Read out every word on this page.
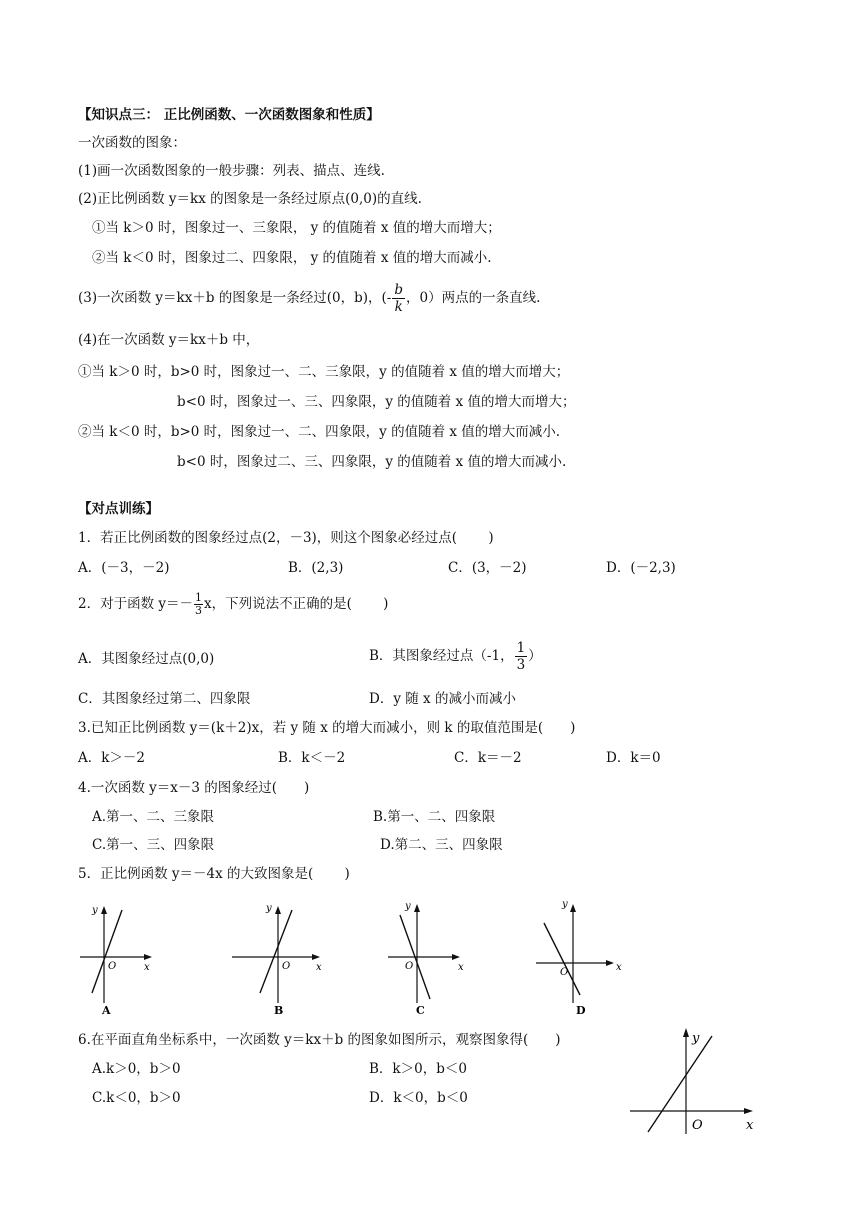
【知识点三： 正比例函数、一次函数图象和性质】
一次函数的图象：
(1)画一次函数图象的一般步骤：列表、描点、连线.
(2)正比例函数 y＝kx 的图象是一条经过原点(0,0)的直线.
①当 k＞0 时，图象过一、三象限， y 的值随着 x 值的增大而增大；
②当 k＜0 时，图象过二、四象限， y 的值随着 x 值的增大而减小.
(3)一次函数 y＝kx＋b 的图象是一条经过(0，b)，(- $\frac{b}{k}$ ，0）两点的一条直线.
(4)在一次函数 y＝kx＋b 中，
①当 k＞0 时，b>0 时，图象过一、二、三象限，y 的值随着 x 值的增大而增大；
b<0 时，图象过一、三、四象限，y 的值随着 x 值的增大而增大；
②当 k＜0 时，b>0 时，图象过一、二、四象限，y 的值随着 x 值的增大而减小.
b<0 时，图象过二、三、四象限，y 的值随着 x 值的增大而减小.
【对点训练】
1．若正比例函数的图象经过点(2，－3)，则这个图象必经过点(　　 )
A．(－3，－2)	B．(2,3)	C．(3，－2)	D．(－2,3)
2．对于函数 $y=- \frac{1}{3}$ x，下列说法不正确的是(　　 )
A．其图象经过点(0,0)	B．其图象经过点（-1， $\frac{1}{3}$ ）
C．其图象经过第二、四象限	D．y 随 x 的减小而减小
3.已知正比例函数 y＝(k＋2)x，若 y 随 x 的增大而减小，则 k 的取值范围是(　　)
A．k＞－2	B．k＜－2	C．k＝－2	D．k＝0
4.一次函数 y＝x－3 的图象经过(　　)
A.第一、二、三象限	B.第一、二、四象限
C.第一、三、四象限	D.第二、三、四象限
5．正比例函数 y＝－4x 的大致图象是(　　 )
y
O	x
A
y
O	x
B
y
O	x
C
y
O	x
D
6.在平面直角坐标系中，一次函数 y＝kx＋b 的图象如图所示，观察图象得(　　)
A.k＞0，b＞0	B．k＞0，b＜0
C.k＜0，b＞0	D．k＜0，b＜0
y
O	x
